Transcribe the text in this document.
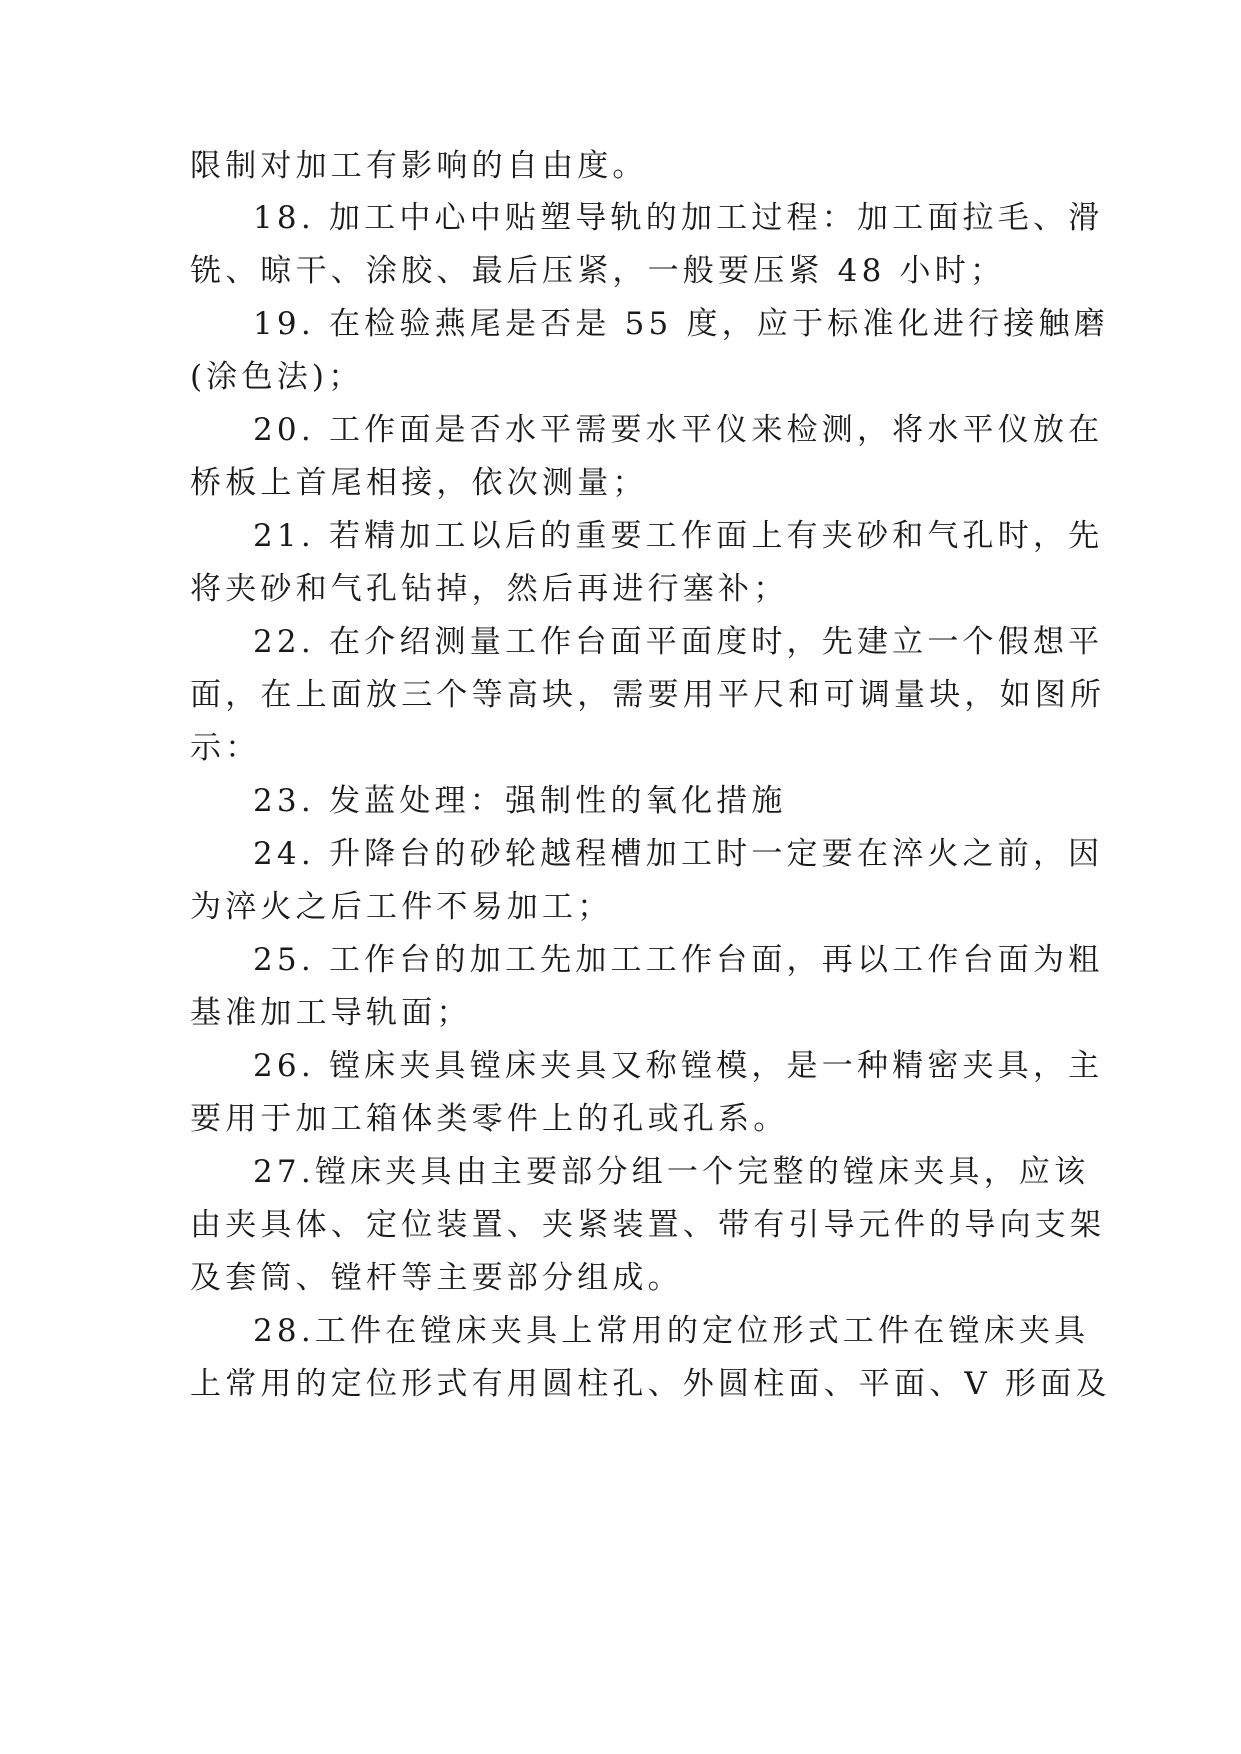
限制对加工有影响的自由度。
18. 加工中心中贴塑导轨的加工过程：加工面拉毛、滑
铣、晾干、涂胶、最后压紧，一般要压紧 48 小时；
19. 在检验燕尾是否是 55 度，应于标准化进行接触磨
(涂色法)；
20. 工作面是否水平需要水平仪来检测，将水平仪放在
桥板上首尾相接，依次测量；
21. 若精加工以后的重要工作面上有夹砂和气孔时，先
将夹砂和气孔钻掉，然后再进行塞补；
22. 在介绍测量工作台面平面度时，先建立一个假想平
面，在上面放三个等高块，需要用平尺和可调量块，如图所
示：
23. 发蓝处理：强制性的氧化措施
24. 升降台的砂轮越程槽加工时一定要在淬火之前，因
为淬火之后工件不易加工；
25. 工作台的加工先加工工作台面，再以工作台面为粗
基准加工导轨面；
26. 镗床夹具镗床夹具又称镗模，是一种精密夹具，主
要用于加工箱体类零件上的孔或孔系。
27.镗床夹具由主要部分组一个完整的镗床夹具，应该
由夹具体、定位装置、夹紧装置、带有引导元件的导向支架
及套筒、镗杆等主要部分组成。
28.工件在镗床夹具上常用的定位形式工件在镗床夹具
上常用的定位形式有用圆柱孔、外圆柱面、平面、V 形面及
